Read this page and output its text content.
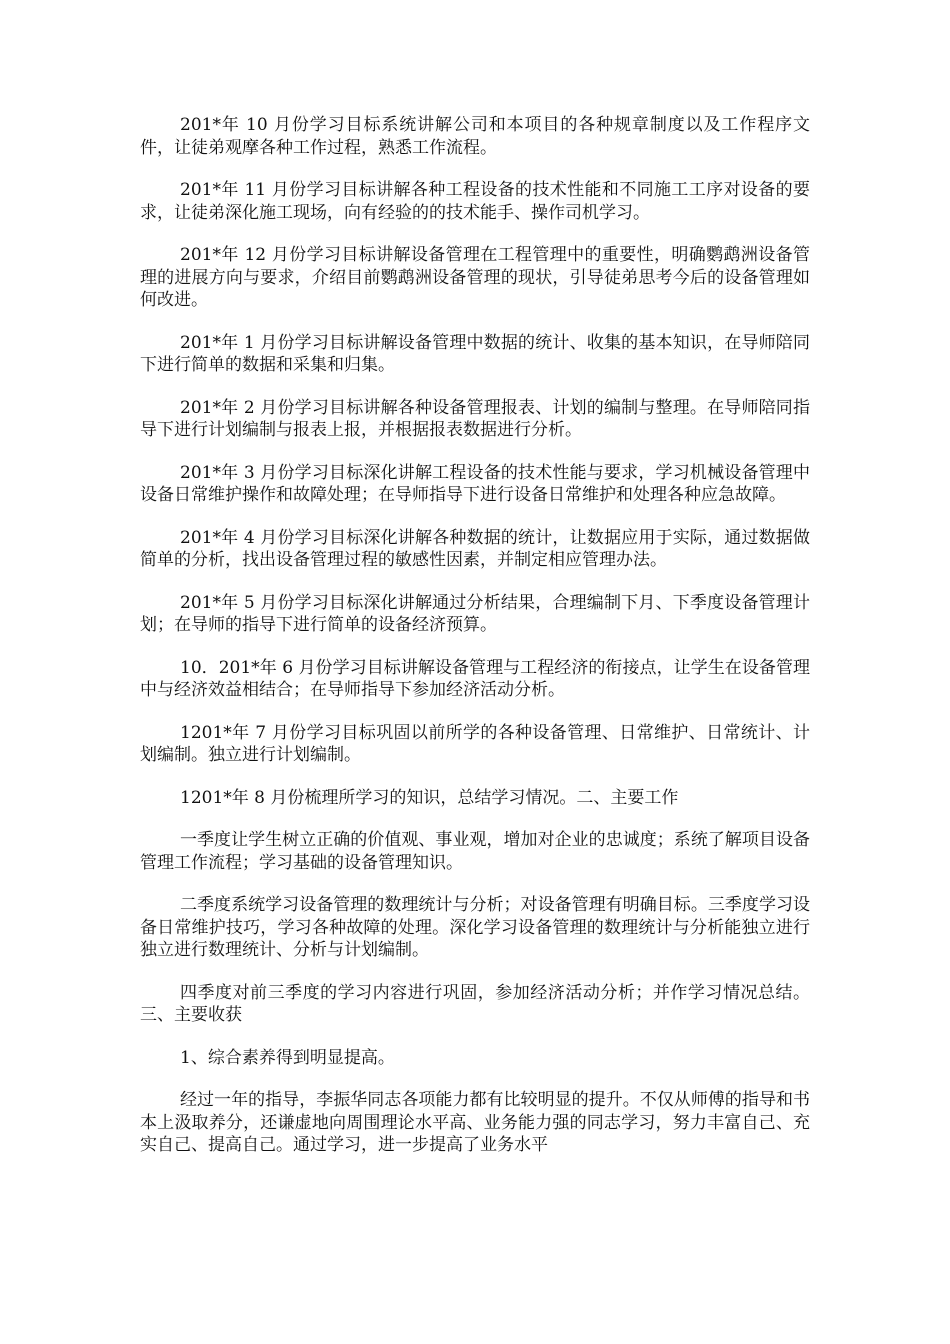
201*年 10 月份学习目标系统讲解公司和本项目的各种规章制度以及工作程序文件，让徒弟观摩各种工作过程，熟悉工作流程。

201*年 11 月份学习目标讲解各种工程设备的技术性能和不同施工工序对设备的要求，让徒弟深化施工现场，向有经验的的技术能手、操作司机学习。

201*年 12 月份学习目标讲解设备管理在工程管理中的重要性，明确鹦鹉洲设备管理的进展方向与要求，介绍目前鹦鹉洲设备管理的现状，引导徒弟思考今后的设备管理如何改进。

201*年 1 月份学习目标讲解设备管理中数据的统计、收集的基本知识，在导师陪同下进行简单的数据和采集和归集。

201*年 2 月份学习目标讲解各种设备管理报表、计划的编制与整理。在导师陪同指导下进行计划编制与报表上报，并根据报表数据进行分析。

201*年 3 月份学习目标深化讲解工程设备的技术性能与要求，学习机械设备管理中设备日常维护操作和故障处理；在导师指导下进行设备日常维护和处理各种应急故障。

201*年 4 月份学习目标深化讲解各种数据的统计，让数据应用于实际，通过数据做简单的分析，找出设备管理过程的敏感性因素，并制定相应管理办法。

201*年 5 月份学习目标深化讲解通过分析结果，合理编制下月、下季度设备管理计划；在导师的指导下进行简单的设备经济预算。

10．201*年 6 月份学习目标讲解设备管理与工程经济的衔接点，让学生在设备管理中与经济效益相结合；在导师指导下参加经济活动分析。

1201*年 7 月份学习目标巩固以前所学的各种设备管理、日常维护、日常统计、计划编制。独立进行计划编制。

1201*年 8 月份梳理所学习的知识，总结学习情况。二、主要工作

一季度让学生树立正确的价值观、事业观，增加对企业的忠诚度；系统了解项目设备管理工作流程；学习基础的设备管理知识。

二季度系统学习设备管理的数理统计与分析；对设备管理有明确目标。三季度学习设备日常维护技巧，学习各种故障的处理。深化学习设备管理的数理统计与分析能独立进行独立进行数理统计、分析与计划编制。

四季度对前三季度的学习内容进行巩固，参加经济活动分析；并作学习情况总结。三、主要收获

1、综合素养得到明显提高。

经过一年的指导，李振华同志各项能力都有比较明显的提升。不仅从师傅的指导和书本上汲取养分，还谦虚地向周围理论水平高、业务能力强的同志学习，努力丰富自己、充实自己、提高自己。通过学习，进一步提高了业务水平
